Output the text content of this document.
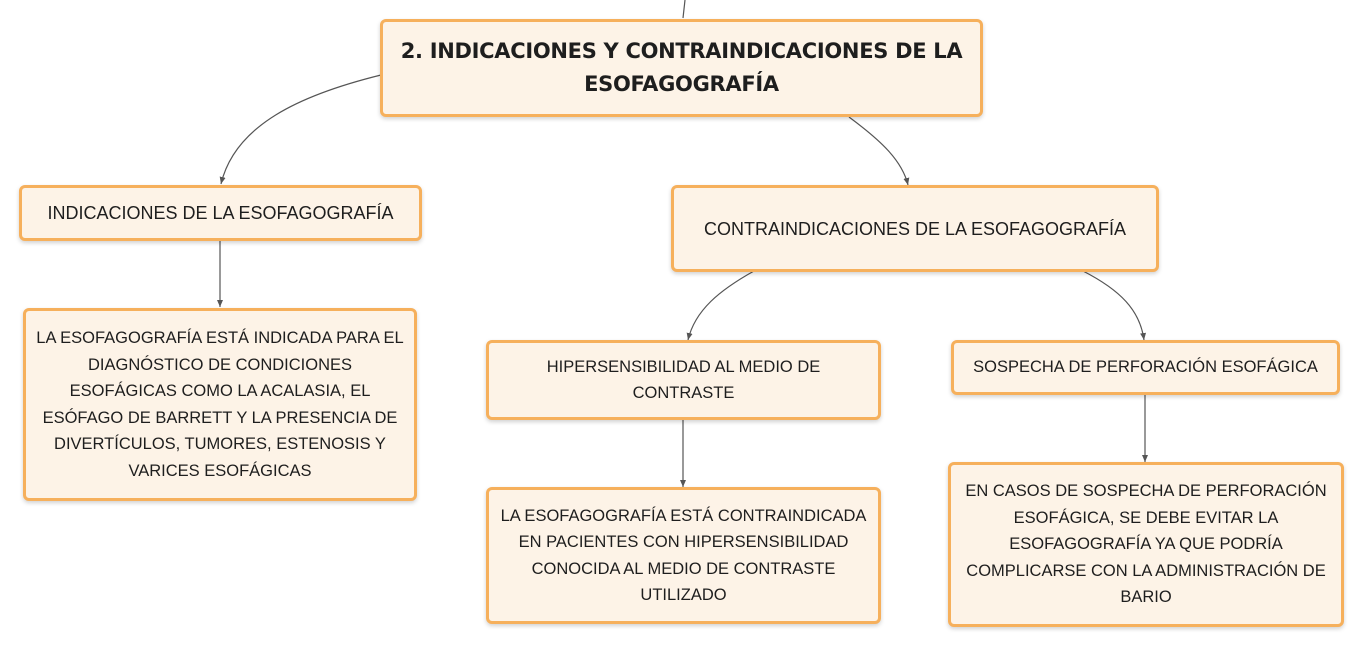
2. INDICACIONES Y CONTRAINDICACIONES DE LA ESOFAGOGRAFÍA
INDICACIONES DE LA ESOFAGOGRAFÍA
LA ESOFAGOGRAFÍA ESTÁ INDICADA PARA EL DIAGNÓSTICO DE CONDICIONES ESOFÁGICAS COMO LA ACALASIA, EL ESÓFAGO DE BARRETT Y LA PRESENCIA DE DIVERTÍCULOS, TUMORES, ESTENOSIS Y VARICES ESOFÁGICAS
CONTRAINDICACIONES DE LA ESOFAGOGRAFÍA
HIPERSENSIBILIDAD AL MEDIO DE CONTRASTE
LA ESOFAGOGRAFÍA ESTÁ CONTRAINDICADA EN PACIENTES CON HIPERSENSIBILIDAD CONOCIDA AL MEDIO DE CONTRASTE UTILIZADO
SOSPECHA DE PERFORACIÓN ESOFÁGICA
EN CASOS DE SOSPECHA DE PERFORACIÓN ESOFÁGICA, SE DEBE EVITAR LA ESOFAGOGRAFÍA YA QUE PODRÍA COMPLICARSE CON LA ADMINISTRACIÓN DE BARIO
